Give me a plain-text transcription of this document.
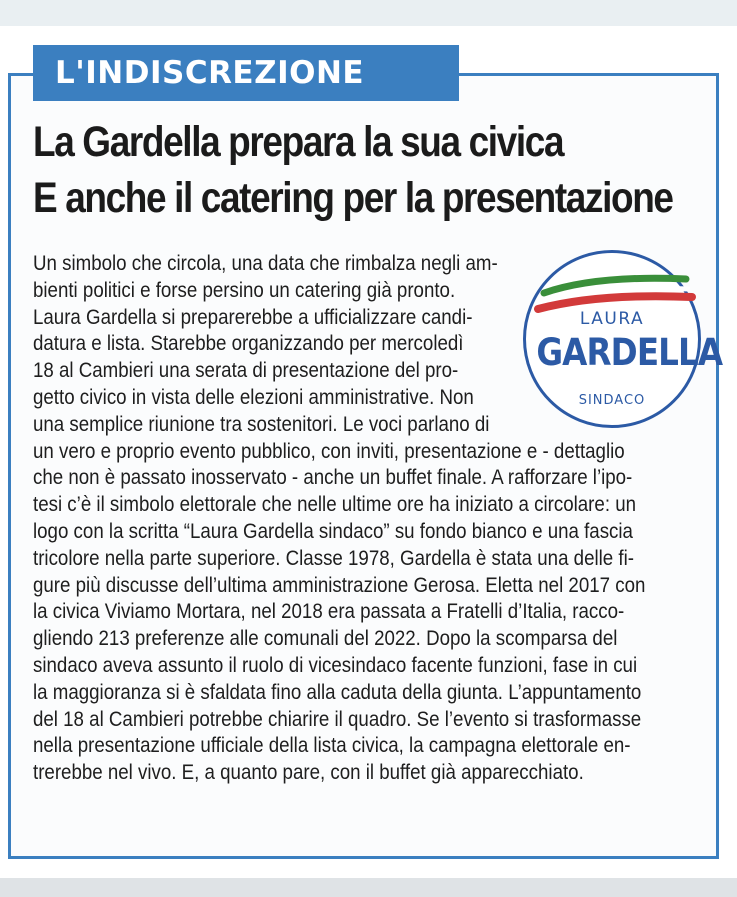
L'INDISCREZIONE
La Gardella prepara la sua civica
E anche il catering per la presentazione
LAURA
GARDELLA
SINDACO
Un simbolo che circola, una data che rimbalza negli am-
bienti politici e forse persino un catering già pronto.
Laura Gardella si preparerebbe a ufficializzare candi-
datura e lista. Starebbe organizzando per mercoledì
18 al Cambieri una serata di presentazione del pro-
getto civico in vista delle elezioni amministrative. Non
una semplice riunione tra sostenitori. Le voci parlano di
un vero e proprio evento pubblico, con inviti, presentazione e - dettaglio
che non è passato inosservato - anche un buffet finale. A rafforzare l’ipo-
tesi c’è il simbolo elettorale che nelle ultime ore ha iniziato a circolare: un
logo con la scritta “Laura Gardella sindaco” su fondo bianco e una fascia
tricolore nella parte superiore. Classe 1978, Gardella è stata una delle fi-
gure più discusse dell’ultima amministrazione Gerosa. Eletta nel 2017 con
la civica Viviamo Mortara, nel 2018 era passata a Fratelli d’Italia, racco-
gliendo 213 preferenze alle comunali del 2022. Dopo la scomparsa del
sindaco aveva assunto il ruolo di vicesindaco facente funzioni, fase in cui
la maggioranza si è sfaldata fino alla caduta della giunta. L’appuntamento
del 18 al Cambieri potrebbe chiarire il quadro. Se l’evento si trasformasse
nella presentazione ufficiale della lista civica, la campagna elettorale en-
trerebbe nel vivo. E, a quanto pare, con il buffet già apparecchiato.
